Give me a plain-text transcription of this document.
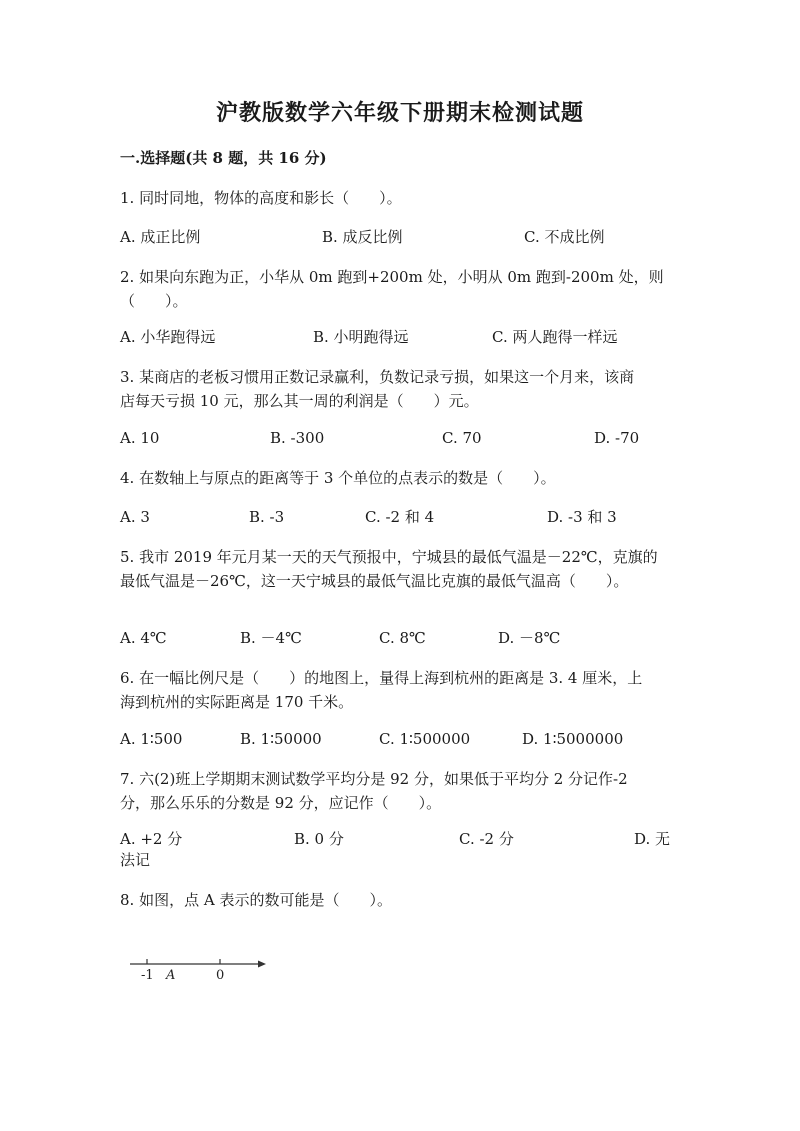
沪教版数学六年级下册期末检测试题
一.选择题(共 8 题，共 16 分)
1. 同时同地，物体的高度和影长（　　）。
A. 成正比例	B. 成反比例	C. 不成比例
2. 如果向东跑为正，小华从 0m 跑到+200m 处，小明从 0m 跑到-200m 处，则
（　　）。
A. 小华跑得远	B. 小明跑得远	C. 两人跑得一样远
3. 某商店的老板习惯用正数记录赢利，负数记录亏损，如果这一个月来，该商
店每天亏损 10 元，那么其一周的利润是（　　）元。
A. 10	B. -300	C. 70	D. -70
4. 在数轴上与原点的距离等于 3 个单位的点表示的数是（　　）。
A. 3	B. -3	C. -2 和 4	D. -3 和 3
5. 我市 2019 年元月某一天的天气预报中，宁城县的最低气温是－22℃，克旗的
最低气温是－26℃，这一天宁城县的最低气温比克旗的最低气温高（　　）。
A. 4℃	B. －4℃	C. 8℃	D. －8℃
6. 在一幅比例尺是（　　）的地图上，量得上海到杭州的距离是 3. 4 厘米，上
海到杭州的实际距离是 170 千米。
A. 1∶500	B. 1∶50000	C. 1∶500000	D. 1∶5000000
7. 六(2)班上学期期末测试数学平均分是 92 分，如果低于平均分 2 分记作-2
分，那么乐乐的分数是 92 分，应记作（　　）。
A. +2 分	B. 0 分	C. -2 分	D. 无
法记
8. 如图，点 A 表示的数可能是（　　）。
-1 A	0
